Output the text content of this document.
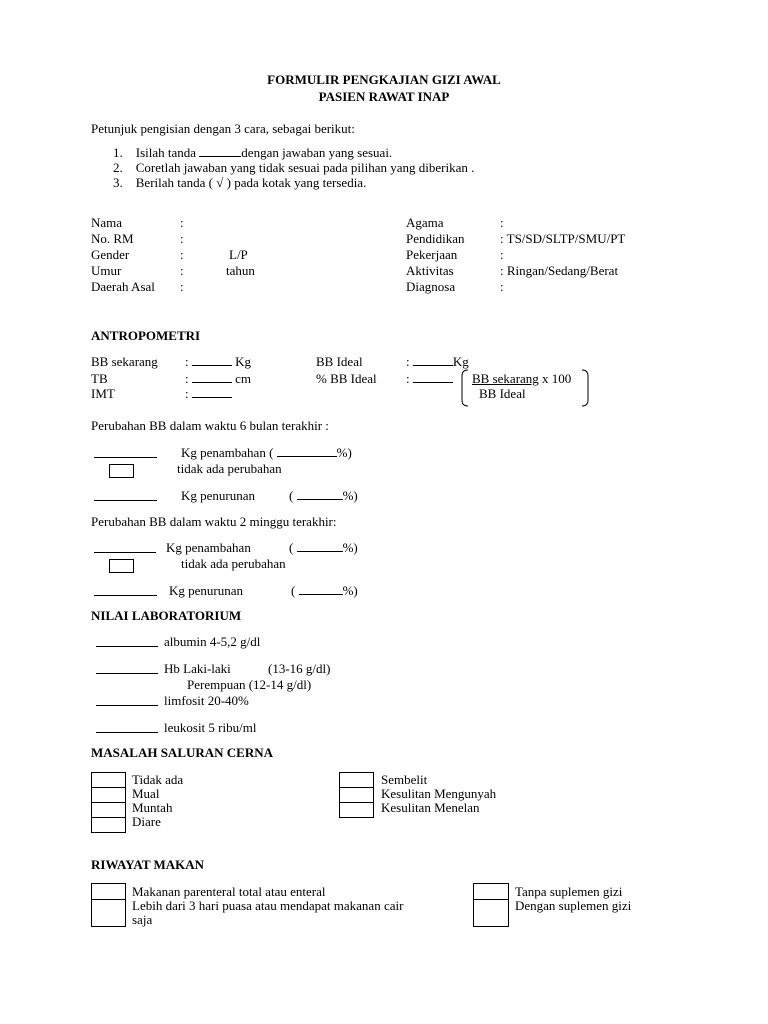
FORMULIR PENGKAJIAN GIZI AWAL
PASIEN RAWAT INAP
Petunjuk pengisian dengan 3 cara, sebagai berikut:
1. Isilah tanda	dengan jawaban yang sesuai.
2. Coretlah jawaban yang tidak sesuai pada pilihan yang diberikan .
3. Berilah tanda ( √ ) pada kotak yang tersedia.
Nama	:
No. RM	:
Gender	:	L/P
Umur	:	tahun
Daerah Asal :
Agama	:
Pendidikan	: TS/SD/SLTP/SMU/PT
Pekerjaan	:
Aktivitas	: Ringan/Sedang/Berat
Diagnosa	:
ANTROPOMETRI
BB sekarang :	Kg
TB	:	cm
IMT	:
BB Ideal	:	Kg
% BB Ideal :	BB sekarang x 100
BB Ideal
Perubahan BB dalam waktu 6 bulan terakhir :
Kg penambahan (	%)
tidak ada perubahan
Kg penurunan	(	%)
Perubahan BB dalam waktu 2 minggu terakhir:
Kg penambahan	(	%)
tidak ada perubahan
Kg penurunan	(	%)
NILAI LABORATORIUM
albumin 4-5,2 g/dl
Hb Laki-laki	(13-16 g/dl)
Perempuan (12-14 g/dl)
limfosit 20-40%
leukosit 5 ribu/ml
MASALAH SALURAN CERNA
Tidak ada
Mual
Muntah
Diare
Sembelit
Kesulitan Mengunyah
Kesulitan Menelan
RIWAYAT MAKAN
Makanan parenteral total atau enteral
Lebih dari 3 hari puasa atau mendapat makanan cair
saja
Tanpa suplemen gizi
Dengan suplemen gizi
